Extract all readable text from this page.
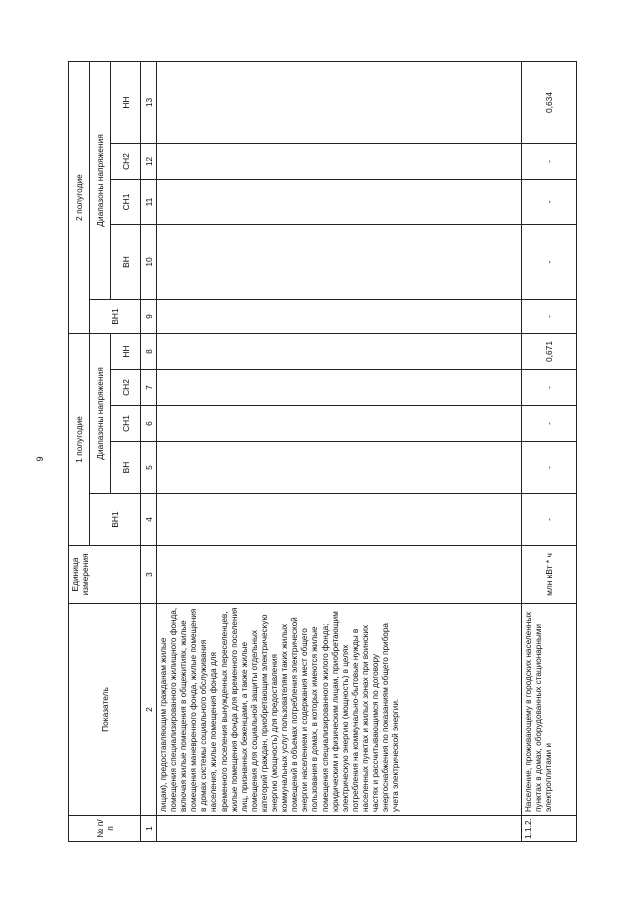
9
№ п/п	Показатель	Единица измерения	1 полугодие					2 полугодие				
			ВН1	Диапазоны напряжения				ВН1	Диапазоны напряжения			
				ВН	СН1	СН2	НН		ВН	СН1	СН2	НН
1	2	3	4	5	6	7	8	9	10	11	12	13
	лицам), предоставляющим гражданам жилые помещения специализированного жилищного фонда, включая жилые помещения в общежитиях, жилые помещения маневренного фонда, жилые помещения в домах системы социального обслуживания населения, жилые помещения фонда для временного поселения вынужденных переселенцев, жилые помещения фонда для временного поселения лиц, признанных беженцами, а также жилые помещения для социальной защиты отдельных категорий граждан, приобретающим электрическую энергию (мощность) для предоставления коммунальных услуг пользователям таких жилых помещений в объемах потребления электрической энергии населением и содержания мест общего пользования в домах, в которых имеются жилые помещения специализированного жилого фонда; юридическим и физическим лицам, приобретающим электрическую энергию (мощность) в целях потребления на коммунально-бытовые нужды в населенных пунктах и жилых зонах при воинских частях и рассчитывающимся по договору энергоснабжения по показаниям общего прибора учета электрической энергии.											
1.1.2.	Население, проживающему в городских населенных пунктах в домах, оборудованных стационарными электроплитами и	млн кВт * ч	-	-	-	-	0,671	-	-	-	-	0,634
